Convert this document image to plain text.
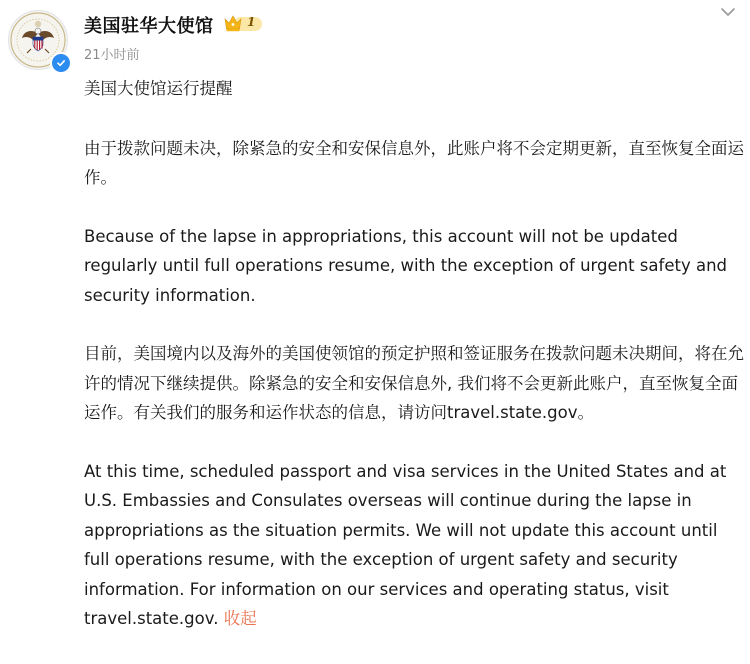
美国驻华大使馆	1
21小时前

美国大使馆运行提醒

由于拨款问题未决，除紧急的安全和安保信息外，此账户将不会定期更新，直至恢复全面运作。

Because of the lapse in appropriations, this account will not be updated regularly until full operations resume, with the exception of urgent safety and security information.

目前，美国境内以及海外的美国使领馆的预定护照和签证服务在拨款问题未决期间，将在允许的情况下继续提供。除紧急的安全和安保信息外, 我们将不会更新此账户，直至恢复全面运作。有关我们的服务和运作状态的信息，请访问travel.state.gov。

At this time, scheduled passport and visa services in the United States and at U.S. Embassies and Consulates overseas will continue during the lapse in appropriations as the situation permits. We will not update this account until full operations resume, with the exception of urgent safety and security information. For information on our services and operating status, visit travel.state.gov. 收起
